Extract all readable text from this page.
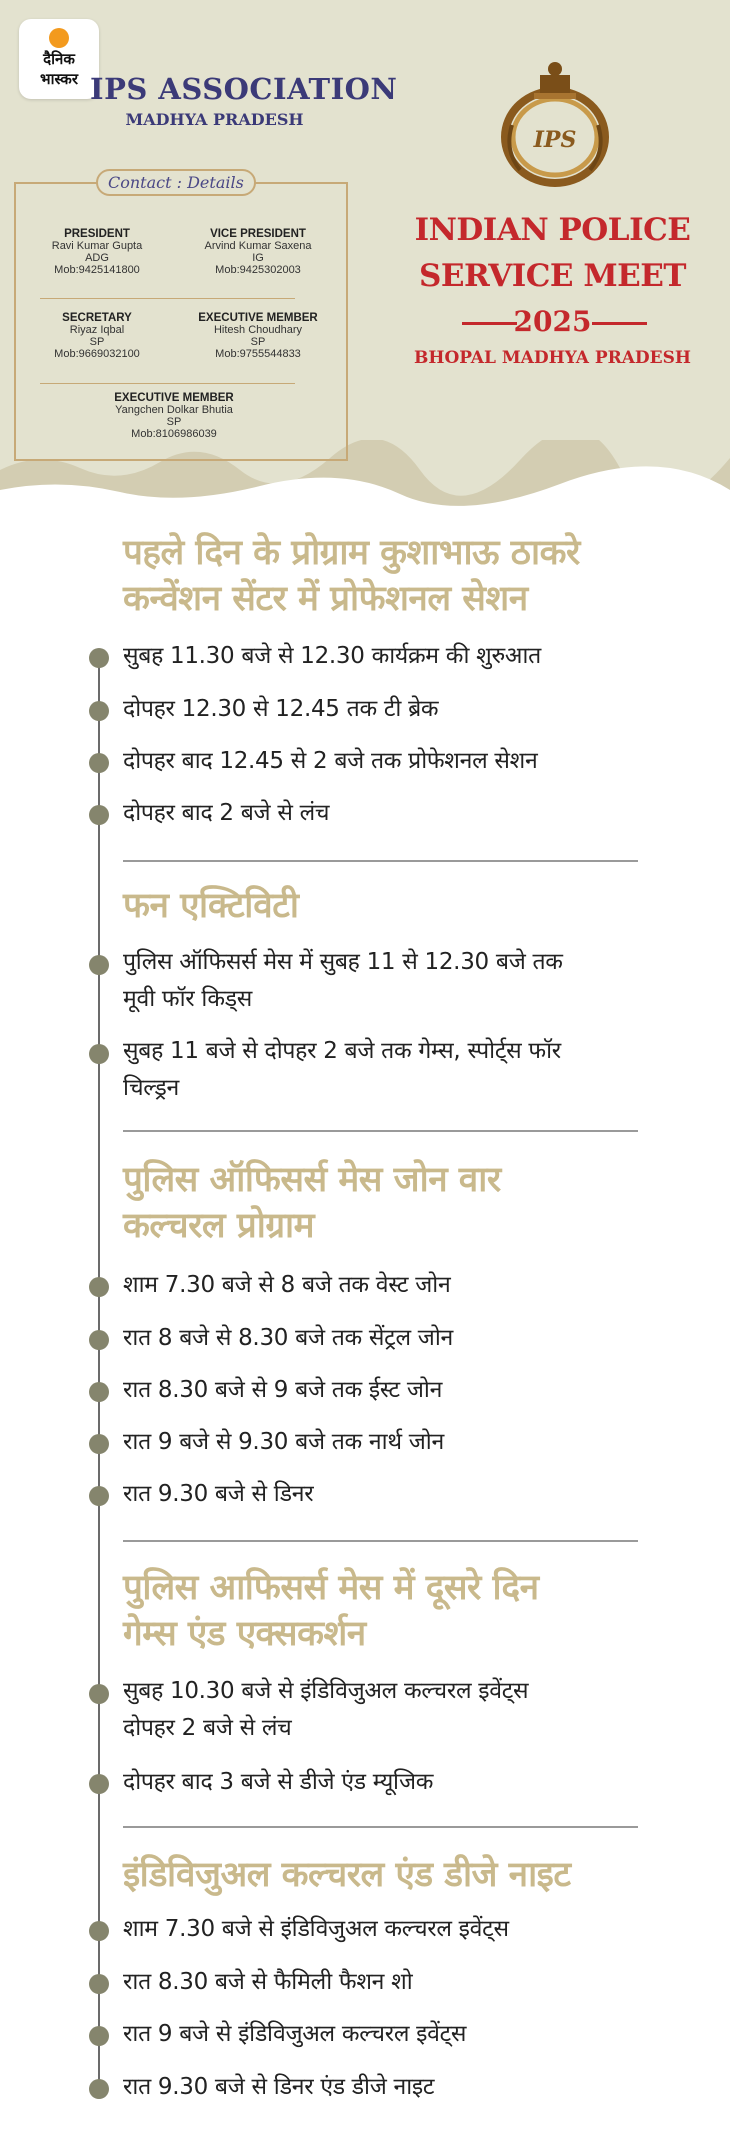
दैनिक
भास्कर IPS ASSOCIATION
MADHYA PRADESH
Contact : Details
PRESIDENT
Ravi Kumar Gupta
ADG
Mob:9425141800
VICE PRESIDENT
Arvind Kumar Saxena
IG
Mob:9425302003
SECRETARY
Riyaz Iqbal
SP
Mob:9669032100
EXECUTIVE MEMBER
Hitesh Choudhary
SP
Mob:9755544833
EXECUTIVE MEMBER
Yangchen Dolkar Bhutia
SP
Mob:8106986039
IPS
INDIAN POLICE
SERVICE MEET
2025
BHOPAL MADHYA PRADESH
पहले दिन के प्रोग्राम कुशाभाऊ ठाकरे
कन्वेंशन सेंटर में प्रोफेशनल सेशन
सुबह 11.30 बजे से 12.30 कार्यक्रम की शुरुआत
दोपहर 12.30 से 12.45 तक टी ब्रेक
दोपहर बाद 12.45 से 2 बजे तक प्रोफेशनल सेशन
दोपहर बाद 2 बजे से लंच
फन एक्टिविटी
पुलिस ऑफिसर्स मेस में सुबह 11 से 12.30 बजे तक
मूवी फॉर किड्स
सुबह 11 बजे से दोपहर 2 बजे तक गेम्स, स्पोर्ट्स फॉर
चिल्ड्रन
पुलिस ऑफिसर्स मेस जोन वार
कल्चरल प्रोग्राम
शाम 7.30 बजे से 8 बजे तक वेस्ट जोन
रात 8 बजे से 8.30 बजे तक सेंट्रल जोन
रात 8.30 बजे से 9 बजे तक ईस्ट जोन
रात 9 बजे से 9.30 बजे तक नार्थ जोन
रात 9.30 बजे से डिनर
पुलिस आफिसर्स मेस में दूसरे दिन
गेम्स एंड एक्सकर्शन
सुबह 10.30 बजे से इंडिविजुअल कल्चरल इवेंट्स
दोपहर 2 बजे से लंच
दोपहर बाद 3 बजे से डीजे एंड म्यूजिक
इंडिविजुअल कल्चरल एंड डीजे नाइट
शाम 7.30 बजे से इंडिविजुअल कल्चरल इवेंट्स
रात 8.30 बजे से फैमिली फैशन शो
रात 9 बजे से इंडिविजुअल कल्चरल इवेंट्स
रात 9.30 बजे से डिनर एंड डीजे नाइट
